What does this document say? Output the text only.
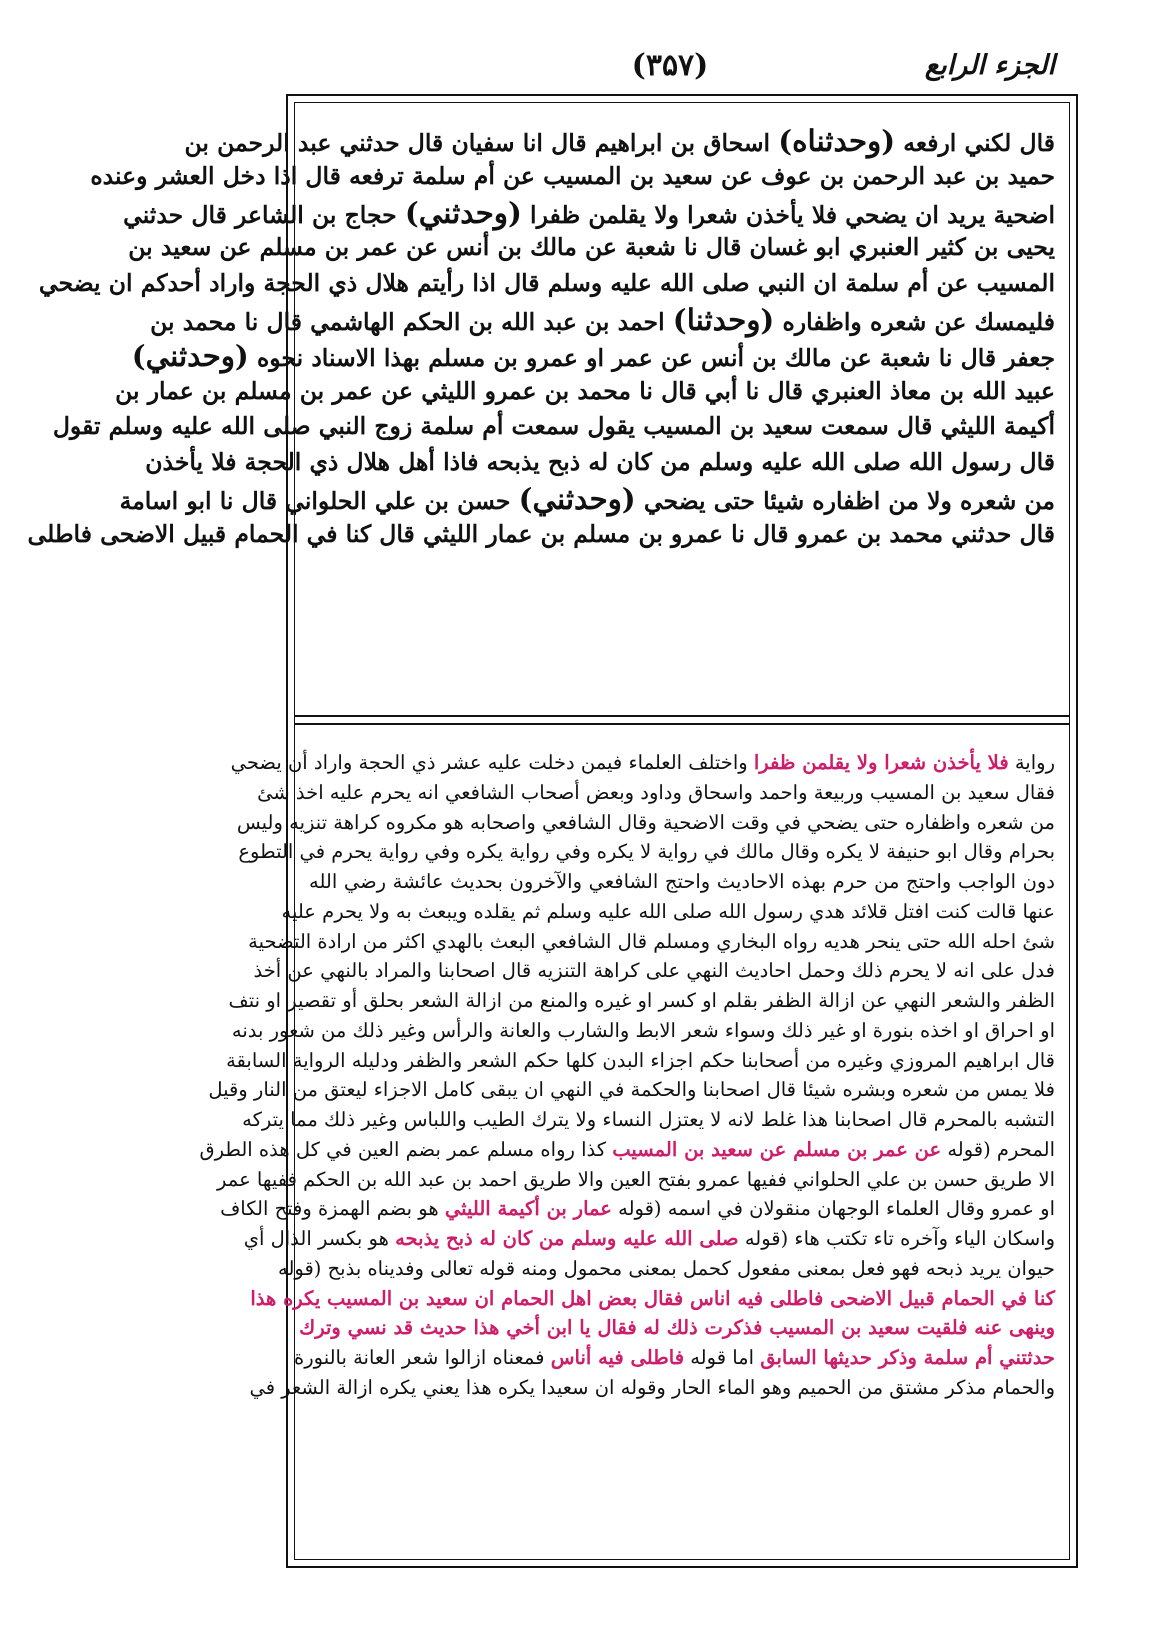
(۳۵۷)	الجزء الرابع
قال لكني ارفعه (وحدثناه) اسحاق بن ابراهيم قال انا سفيان قال حدثني عبد الرحمن بن
حميد بن عبد الرحمن بن عوف عن سعيد بن المسيب عن أم سلمة ترفعه قال اذا دخل العشر وعنده
اضحية يريد ان يضحي فلا يأخذن شعرا ولا يقلمن ظفرا (وحدثني) حجاج بن الشاعر قال حدثني
يحيى بن كثير العنبري ابو غسان قال نا شعبة عن مالك بن أنس عن عمر بن مسلم عن سعيد بن
المسيب عن أم سلمة ان النبي صلى الله عليه وسلم قال اذا رأيتم هلال ذي الحجة واراد أحدكم ان يضحي
فليمسك عن شعره واظفاره (وحدثنا) احمد بن عبد الله بن الحكم الهاشمي قال نا محمد بن
جعفر قال نا شعبة عن مالك بن أنس عن عمر او عمرو بن مسلم بهذا الاسناد نحوه (وحدثني)
عبيد الله بن معاذ العنبري قال نا أبي قال نا محمد بن عمرو الليثي عن عمر بن مسلم بن عمار بن
أكيمة الليثي قال سمعت سعيد بن المسيب يقول سمعت أم سلمة زوج النبي صلى الله عليه وسلم تقول
قال رسول الله صلى الله عليه وسلم من كان له ذبح يذبحه فاذا أهل هلال ذي الحجة فلا يأخذن
من شعره ولا من اظفاره شيئا حتى يضحي (وحدثني) حسن بن علي الحلواني قال نا ابو اسامة
قال حدثني محمد بن عمرو قال نا عمرو بن مسلم بن عمار الليثي قال كنا في الحمام قبيل الاضحى فاطلى
رواية فلا يأخذن شعرا ولا يقلمن ظفرا واختلف العلماء فيمن دخلت عليه عشر ذي الحجة واراد أن يضحي
فقال سعيد بن المسيب وربيعة واحمد واسحاق وداود وبعض أصحاب الشافعي انه يحرم عليه اخذ شئ
من شعره واظفاره حتى يضحي في وقت الاضحية وقال الشافعي واصحابه هو مكروه كراهة تنزيه وليس
بحرام وقال ابو حنيفة لا يكره وقال مالك في رواية لا يكره وفي رواية يكره وفي رواية يحرم في التطوع
دون الواجب واحتج من حرم بهذه الاحاديث واحتج الشافعي والآخرون بحديث عائشة رضي الله
عنها قالت كنت افتل قلائد هدي رسول الله صلى الله عليه وسلم ثم يقلده ويبعث به ولا يحرم عليه
شئ احله الله حتى ينحر هديه رواه البخاري ومسلم قال الشافعي البعث بالهدي اكثر من ارادة التضحية
فدل على انه لا يحرم ذلك وحمل احاديث النهي على كراهة التنزيه قال اصحابنا والمراد بالنهي عن أخذ
الظفر والشعر النهي عن ازالة الظفر بقلم او كسر او غيره والمنع من ازالة الشعر بحلق أو تقصير او نتف
او احراق او اخذه بنورة او غير ذلك وسواء شعر الابط والشارب والعانة والرأس وغير ذلك من شعور بدنه
قال ابراهيم المروزي وغيره من أصحابنا حكم اجزاء البدن كلها حكم الشعر والظفر ودليله الرواية السابقة
فلا يمس من شعره وبشره شيئا قال اصحابنا والحكمة في النهي ان يبقى كامل الاجزاء ليعتق من النار وقيل
التشبه بالمحرم قال اصحابنا هذا غلط لانه لا يعتزل النساء ولا يترك الطيب واللباس وغير ذلك مما يتركه
المحرم (قوله عن عمر بن مسلم عن سعيد بن المسيب كذا رواه مسلم عمر بضم العين في كل هذه الطرق
الا طريق حسن بن علي الحلواني ففيها عمرو بفتح العين والا طريق احمد بن عبد الله بن الحكم ففيها عمر
او عمرو وقال العلماء الوجهان منقولان في اسمه (قوله عمار بن أكيمة الليثي هو بضم الهمزة وفتح الكاف
واسكان الياء وآخره تاء تكتب هاء (قوله صلى الله عليه وسلم من كان له ذبح يذبحه هو بكسر الذال أي
حيوان يريد ذبحه فهو فعل بمعنى مفعول كحمل بمعنى محمول ومنه قوله تعالى وفديناه بذبح (قوله
كنا في الحمام قبيل الاضحى فاطلى فيه اناس فقال بعض اهل الحمام ان سعيد بن المسيب يكره هذا
وينهى عنه فلقيت سعيد بن المسيب فذكرت ذلك له فقال يا ابن أخي هذا حديث قد نسي وترك
حدثتني أم سلمة وذكر حديثها السابق اما قوله فاطلى فيه أناس فمعناه ازالوا شعر العانة بالنورة
والحمام مذكر مشتق من الحميم وهو الماء الحار وقوله ان سعيدا يكره هذا يعني يكره ازالة الشعر في
